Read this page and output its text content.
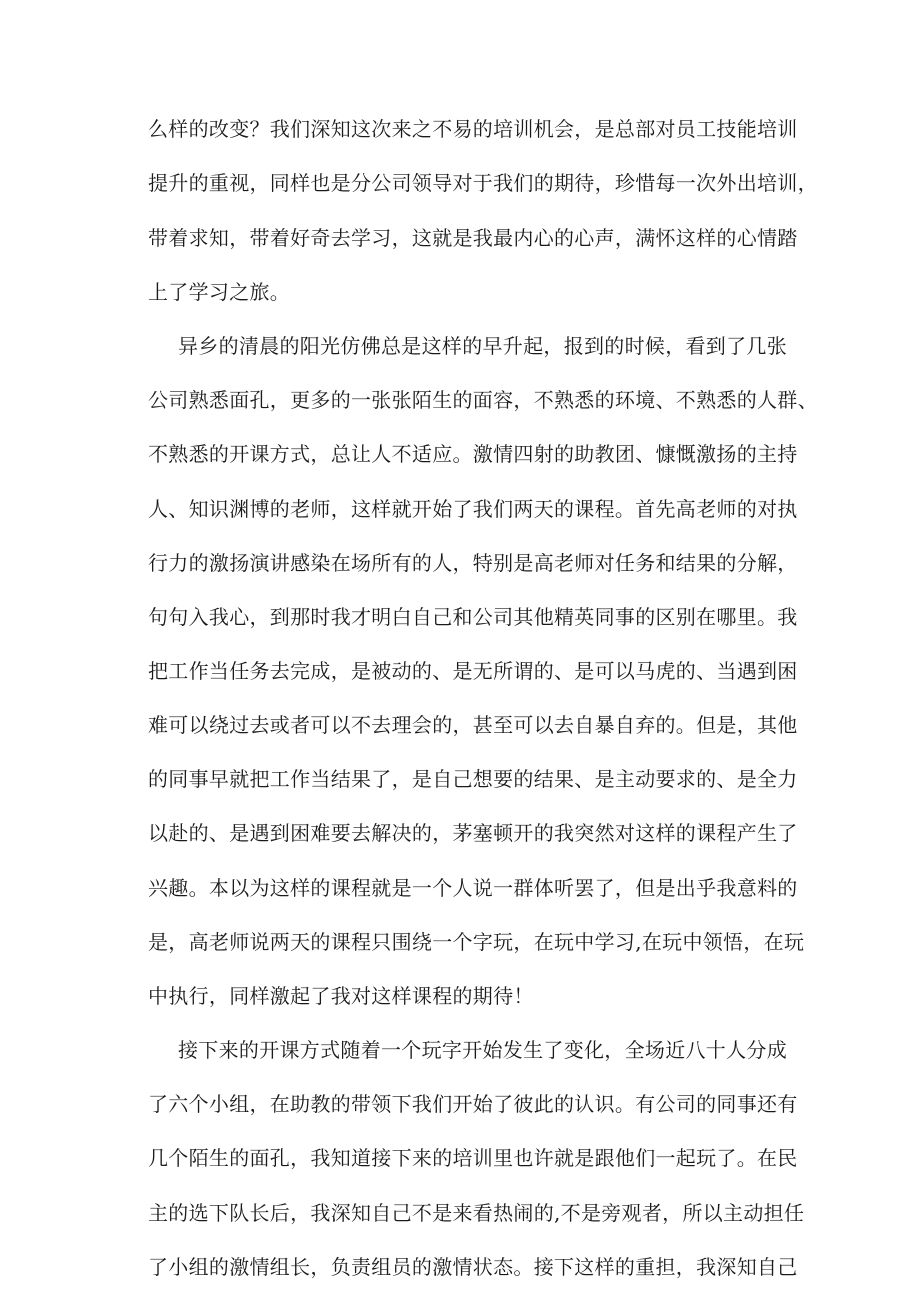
么样的改变？我们深知这次来之不易的培训机会，是总部对员工技能培训
提升的重视，同样也是分公司领导对于我们的期待，珍惜每一次外出培训，
带着求知，带着好奇去学习，这就是我最内心的心声，满怀这样的心情踏
上了学习之旅。
异乡的清晨的阳光仿佛总是这样的早升起，报到的时候，看到了几张
公司熟悉面孔，更多的一张张陌生的面容，不熟悉的环境、不熟悉的人群、
不熟悉的开课方式，总让人不适应。激情四射的助教团、慷慨激扬的主持
人、知识渊博的老师，这样就开始了我们两天的课程。首先高老师的对执
行力的激扬演讲感染在场所有的人，特别是高老师对任务和结果的分解，
句句入我心，到那时我才明白自己和公司其他精英同事的区别在哪里。我
把工作当任务去完成，是被动的、是无所谓的、是可以马虎的、当遇到困
难可以绕过去或者可以不去理会的，甚至可以去自暴自弃的。但是，其他
的同事早就把工作当结果了，是自己想要的结果、是主动要求的、是全力
以赴的、是遇到困难要去解决的，茅塞顿开的我突然对这样的课程产生了
兴趣。本以为这样的课程就是一个人说一群体听罢了，但是出乎我意料的
是，高老师说两天的课程只围绕一个字玩，在玩中学习,在玩中领悟，在玩
中执行，同样激起了我对这样课程的期待！
接下来的开课方式随着一个玩字开始发生了变化，全场近八十人分成
了六个小组，在助教的带领下我们开始了彼此的认识。有公司的同事还有
几个陌生的面孔，我知道接下来的培训里也许就是跟他们一起玩了。在民
主的选下队长后，我深知自己不是来看热闹的,不是旁观者，所以主动担任
了小组的激情组长，负责组员的激情状态。接下这样的重担，我深知自己
